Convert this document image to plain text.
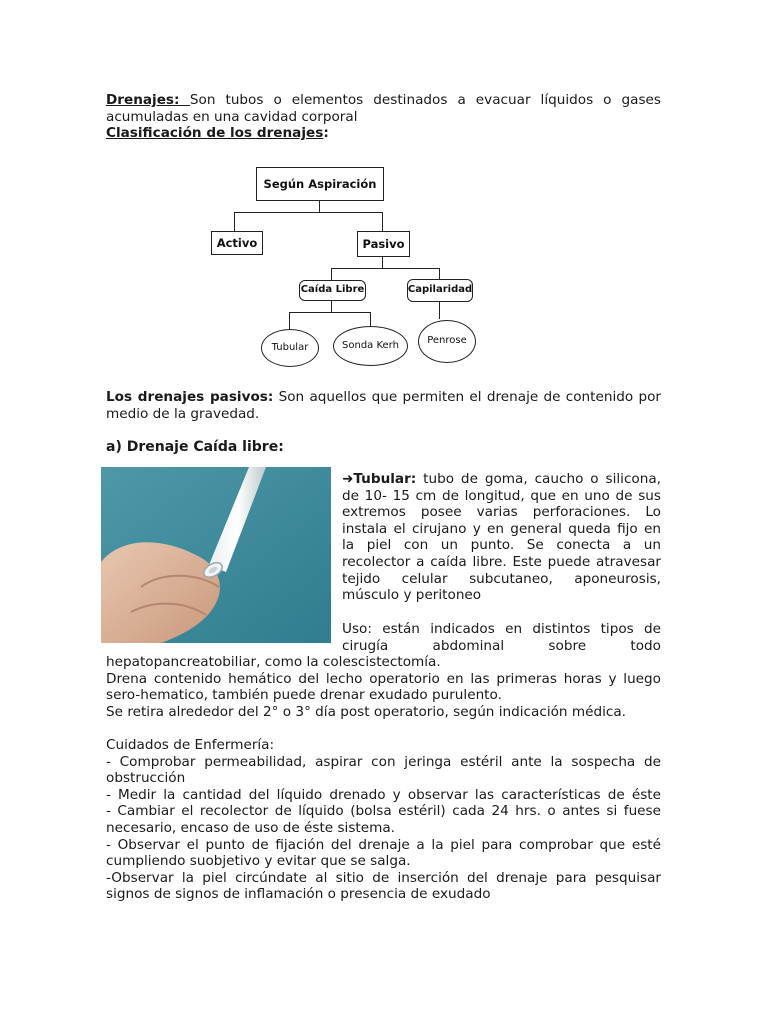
Drenajes: Son tubos o elementos destinados a evacuar líquidos o gases

acumuladas en una cavidad corporal

Clasificación de los drenajes:

Según Aspiración
Activo	Pasivo
Caída Libre	Capilaridad
Tubular	Sonda Kerh	Penrose

Los drenajes pasivos: Son aquellos que permiten el drenaje de contenido por

medio de la gravedad.

a) Drenaje Caída libre:

➜Tubular: tubo de goma, caucho o silicona,

de 10- 15 cm de longitud, que en uno de sus

extremos posee varias perforaciones. Lo

instala el cirujano y en general queda fijo en

la piel con un punto. Se conecta a un

recolector a caída libre. Este puede atravesar

tejido celular subcutaneo, aponeurosis,

músculo y peritoneo

Uso: están indicados en distintos tipos de

cirugía abdominal sobre todo

hepatopancreatobiliar, como la colescistectomía.

Drena contenido hemático del lecho operatorio en las primeras horas y luego

sero-hematico, también puede drenar exudado purulento.

Se retira alrededor del 2° o 3° día post operatorio, según indicación médica.

Cuidados de Enfermería:

- Comprobar permeabilidad, aspirar con jeringa estéril ante la sospecha de

obstrucción

- Medir la cantidad del líquido drenado y observar las características de éste

- Cambiar el recolector de líquido (bolsa estéril) cada 24 hrs. o antes si fuese

necesario, encaso de uso de éste sistema.

- Observar el punto de fijación del drenaje a la piel para comprobar que esté

cumpliendo suobjetivo y evitar que se salga.

-Observar la piel circúndate al sitio de inserción del drenaje para pesquisar

signos de signos de inflamación o presencia de exudado
